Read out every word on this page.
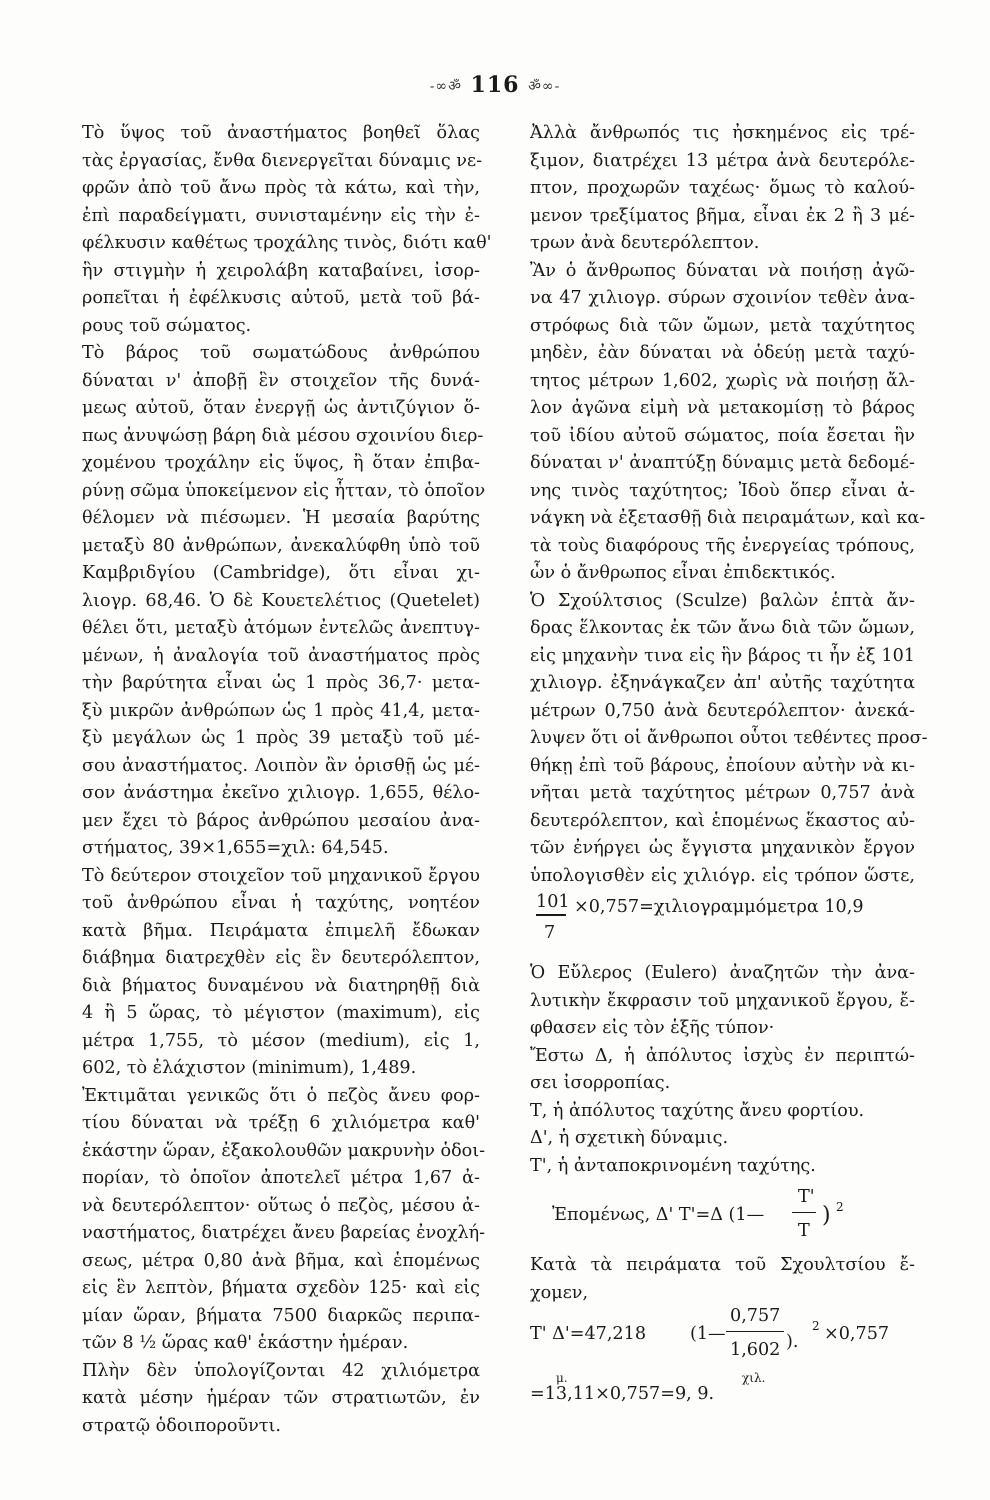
-∞ॐ 116 ॐ∞-
Τὸ ὕψος τοῦ ἀναστήματος βοηθεῖ ὅλας
τὰς ἐργασίας, ἔνθα διενεργεῖται δύναμις νε-
φρῶν ἀπὸ τοῦ ἄνω πρὸς τὰ κάτω, καὶ τὴν,
ἐπὶ παραδείγματι, συνισταμένην εἰς τὴν ἐ-
φέλκυσιν καθέτως τροχάλης τινὸς, διότι καθ'
ἣν στιγμὴν ἡ χειρολάβη καταβαίνει, ἰσορ-
ροπεῖται ἡ ἐφέλκυσις αὐτοῦ, μετὰ τοῦ βά-
ρους τοῦ σώματος.
Τὸ βάρος τοῦ σωματώδους ἀνθρώπου
δύναται ν' ἀποβῇ ἓν στοιχεῖον τῆς δυνά-
μεως αὐτοῦ, ὅταν ἐνεργῇ ὡς ἀντιζύγιον ὅ-
πως ἀνυψώσῃ βάρη διὰ μέσου σχοινίου διερ-
χομένου τροχάλην εἰς ὕψος, ἢ ὅταν ἐπιβα-
ρύνῃ σῶμα ὑποκείμενον εἰς ἧτταν, τὸ ὁποῖον
θέλομεν νὰ πιέσωμεν. Ἡ μεσαία βαρύτης
μεταξὺ 80 ἀνθρώπων, ἀνεκαλύφθη ὑπὸ τοῦ
Καμβριδγίου (Cambridge), ὅτι εἶναι χι-
λιογρ. 68,46. Ὁ δὲ Κουετελέτιος (Quetelet)
θέλει ὅτι, μεταξὺ ἀτόμων ἐντελῶς ἀνεπτυγ-
μένων, ἡ ἀναλογία τοῦ ἀναστήματος πρὸς
τὴν βαρύτητα εἶναι ὡς 1 πρὸς 36,7· μετα-
ξὺ μικρῶν ἀνθρώπων ὡς 1 πρὸς 41,4, μετα-
ξὺ μεγάλων ὡς 1 πρὸς 39 μεταξὺ τοῦ μέ-
σου ἀναστήματος. Λοιπὸν ἂν ὁρισθῇ ὡς μέ-
σον ἀνάστημα ἐκεῖνο χιλιογρ. 1,655, θέλο-
μεν ἔχει τὸ βάρος ἀνθρώπου μεσαίου ἀνα-
στήματος, 39×1,655=χιλ: 64,545.
Τὸ δεύτερον στοιχεῖον τοῦ μηχανικοῦ ἔργου
τοῦ ἀνθρώπου εἶναι ἡ ταχύτης, νοητέον
κατὰ βῆμα. Πειράματα ἐπιμελῆ ἔδωκαν
διάβημα διατρεχθὲν εἰς ἓν δευτερόλεπτον,
διὰ βήματος δυναμένου νὰ διατηρηθῇ διὰ
4 ἢ 5 ὥρας, τὸ μέγιστον (maximum), εἰς
μέτρα 1,755, τὸ μέσον (medium), εἰς 1,
602, τὸ ἐλάχιστον (minimum), 1,489.
Ἐκτιμᾶται γενικῶς ὅτι ὁ πεζὸς ἄνευ φορ-
τίου δύναται νὰ τρέξῃ 6 χιλιόμετρα καθ'
ἑκάστην ὥραν, ἐξακολουθῶν μακρυνὴν ὁδοι-
πορίαν, τὸ ὁποῖον ἀποτελεῖ μέτρα 1,67 ἀ-
νὰ δευτερόλεπτον· οὕτως ὁ πεζὸς, μέσου ἀ-
ναστήματος, διατρέχει ἄνευ βαρείας ἐνοχλή-
σεως, μέτρα 0,80 ἀνὰ βῆμα, καὶ ἑπομένως
εἰς ἓν λεπτὸν, βήματα σχεδὸν 125· καὶ εἰς
μίαν ὥραν, βήματα 7500 διαρκῶς περιπα-
τῶν 8 ½ ὥρας καθ' ἑκάστην ἡμέραν.
Πλὴν δὲν ὑπολογίζονται 42 χιλιόμετρα
κατὰ μέσην ἡμέραν τῶν στρατιωτῶν, ἐν
στρατῷ ὁδοιποροῦντι.
Ἀλλὰ ἄνθρωπός τις ἠσκημένος εἰς τρέ-
ξιμον, διατρέχει 13 μέτρα ἀνὰ δευτερόλε-
πτον, προχωρῶν ταχέως· ὅμως τὸ καλού-
μενον τρεξίματος βῆμα, εἶναι ἐκ 2 ἢ 3 μέ-
τρων ἀνὰ δευτερόλεπτον.
Ἂν ὁ ἄνθρωπος δύναται νὰ ποιήσῃ ἀγῶ-
να 47 χιλιογρ. σύρων σχοινίον τεθὲν ἀνα-
στρόφως διὰ τῶν ὤμων, μετὰ ταχύτητος
μηδὲν, ἐὰν δύναται νὰ ὁδεύῃ μετὰ ταχύ-
τητος μέτρων 1,602, χωρὶς νὰ ποιήσῃ ἄλ-
λον ἀγῶνα εἰμὴ νὰ μετακομίσῃ τὸ βάρος
τοῦ ἰδίου αὐτοῦ σώματος, ποία ἔσεται ἣν
δύναται ν' ἀναπτύξῃ δύναμις μετὰ δεδομέ-
νης τινὸς ταχύτητος; Ἰδοὺ ὅπερ εἶναι ἀ-
νάγκη νὰ ἐξετασθῇ διὰ πειραμάτων, καὶ κα-
τὰ τοὺς διαφόρους τῆς ἐνεργείας τρόπους,
ὧν ὁ ἄνθρωπος εἶναι ἐπιδεκτικός.
Ὁ Σχούλτσιος (Sculze) βαλὼν ἑπτὰ ἄν-
δρας ἕλκοντας ἐκ τῶν ἄνω διὰ τῶν ὤμων,
εἰς μηχανὴν τινα εἰς ἣν βάρος τι ἦν ἐξ 101
χιλιογρ. ἐξηνάγκαζεν ἀπ' αὐτῆς ταχύτητα
μέτρων 0,750 ἀνὰ δευτερόλεπτον· ἀνεκά-
λυψεν ὅτι οἱ ἄνθρωποι οὗτοι τεθέντες προσ-
θήκῃ ἐπὶ τοῦ βάρους, ἐποίουν αὐτὴν νὰ κι-
νῆται μετὰ ταχύτητος μέτρων 0,757 ἀνὰ
δευτερόλεπτον, καὶ ἑπομένως ἕκαστος αὐ-
τῶν ἐνήργει ὡς ἔγγιστα μηχανικὸν ἔργον
ὑπολογισθὲν εἰς χιλιόγρ. εἰς τρόπον ὥστε,
101
7
×0,757=χιλιογραμμόμετρα 10,9
Ὁ Εὔλερος (Eulero) ἀναζητῶν τὴν ἀνα-
λυτικὴν ἔκφρασιν τοῦ μηχανικοῦ ἔργου, ἔ-
φθασεν εἰς τὸν ἑξῆς τύπον·
Ἔστω Δ, ἡ ἀπόλυτος ἰσχὺς ἐν περιπτώ-
σει ἰσορροπίας.
Τ, ἡ ἀπόλυτος ταχύτης ἄνευ φορτίου.
Δ', ἡ σχετικὴ δύναμις.
Τ', ἡ ἀνταποκρινομένη ταχύτης.
Ἐπομένως, Δ' Τ'=Δ (1—
Τ'
Τ
) 2
Κατὰ τὰ πειράματα τοῦ Σχουλτσίου ἔ-
χομεν,
Τ' Δ'=47,218 (1—
0,757
1,602 ).
2 ×0,757
μ.	χιλ.
=13,11×0,757=9, 9.
